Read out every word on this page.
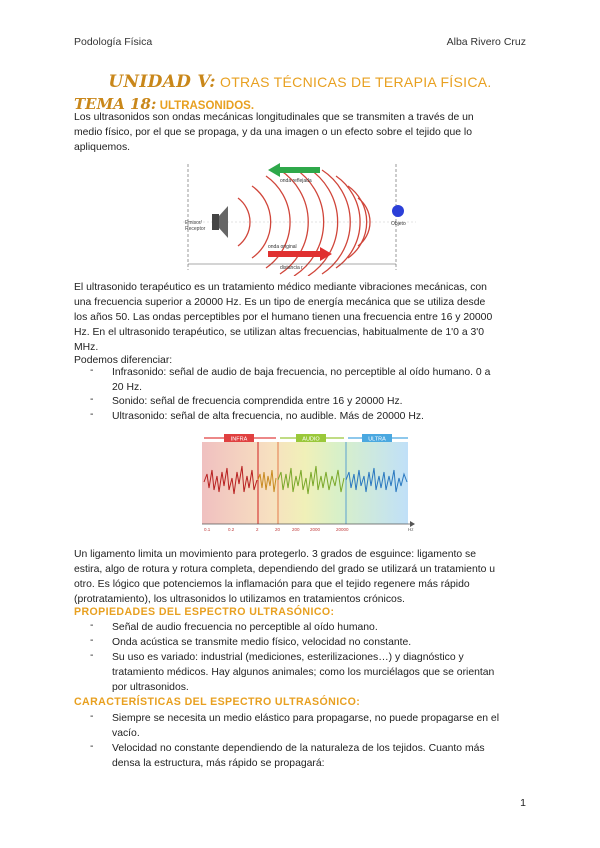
Podología Física	Alba Rivero Cruz
UNIDAD V: OTRAS TÉCNICAS DE TERAPIA FÍSICA.
TEMA 18: ULTRASONIDOS.
Los ultrasonidos son ondas mecánicas longitudinales que se transmiten a través de un
medio físico, por el que se propaga, y da una imagen o un efecto sobre el tejido que lo
apliquemos.
Emisor/
Receptor
onda reflejada
onda original
distancia r
Objeto
El ultrasonido terapéutico es un tratamiento médico mediante vibraciones mecánicas, con
una frecuencia superior a 20000 Hz. Es un tipo de energía mecánica que se utiliza desde
los años 50. Las ondas perceptibles por el humano tienen una frecuencia entre 16 y 20000
Hz. En el ultrasonido terapéutico, se utilizan altas frecuencias, habitualmente de 1'0 a 3'0
MHz.
Podemos diferenciar:
- Infrasonido: señal de audio de baja frecuencia, no perceptible al oído humano. 0 a
20 Hz.
- Sonido: señal de frecuencia comprendida entre 16 y 20000 Hz.
- Ultrasonido: señal de alta frecuencia, no audible. Más de 20000 Hz.
INFRA	AUDIO	ULTRA
0.1	0.2	2	20	200 2000	20000	Hz
Un ligamento limita un movimiento para protegerlo. 3 grados de esguince: ligamento se
estira, algo de rotura y rotura completa, dependiendo del grado se utilizará un tratamiento u
otro. Es lógico que potenciemos la inflamación para que el tejido regenere más rápido
(protratamiento), los ultrasonidos lo utilizamos en tratamientos crónicos.
PROPIEDADES DEL ESPECTRO ULTRASÓNICO:
- Señal de audio frecuencia no perceptible al oído humano.
- Onda acústica se transmite medio físico, velocidad no constante.
- Su uso es variado: industrial (mediciones, esterilizaciones…) y diagnóstico y
tratamiento médicos. Hay algunos animales; como los murciélagos que se orientan
por ultrasonidos.
CARACTERÍSTICAS DEL ESPECTRO ULTRASÓNICO:
- Siempre se necesita un medio elástico para propagarse, no puede propagarse en el
vacío.
- Velocidad no constante dependiendo de la naturaleza de los tejidos. Cuanto más
densa la estructura, más rápido se propagará:
1
